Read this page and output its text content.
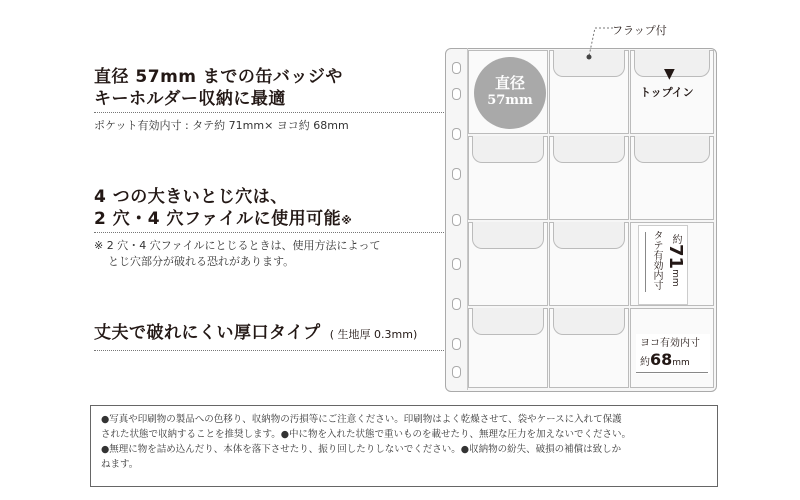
直径 57mm までの缶バッジや
キーホルダー収納に最適
ポケット有効内寸 : タテ約 71mm× ヨコ約 68mm
4 つの大きいとじ穴は、
2 穴・4 穴ファイルに使用可能※
※ 2 穴・4 穴ファイルにとじるときは、使用方法によって
とじ穴部分が破れる恐れがあります。
丈夫で破れにくい厚口タイプ ( 生地厚 0.3mm)
フラップ付
▼
トップイン
直径
57mm
タテ有効内寸 約71mm
ヨコ有効内寸
約68mm
●写真や印刷物の製品への色移り、収納物の汚損等にご注意ください。印刷物はよく乾燥させて、袋やケースに入れて保護
された状態で収納することを推奨します。●中に物を入れた状態で重いものを載せたり、無理な圧力を加えないでください。
●無理に物を詰め込んだり、本体を落下させたり、振り回したりしないでください。●収納物の紛失、破損の補償は致しか
ねます。
